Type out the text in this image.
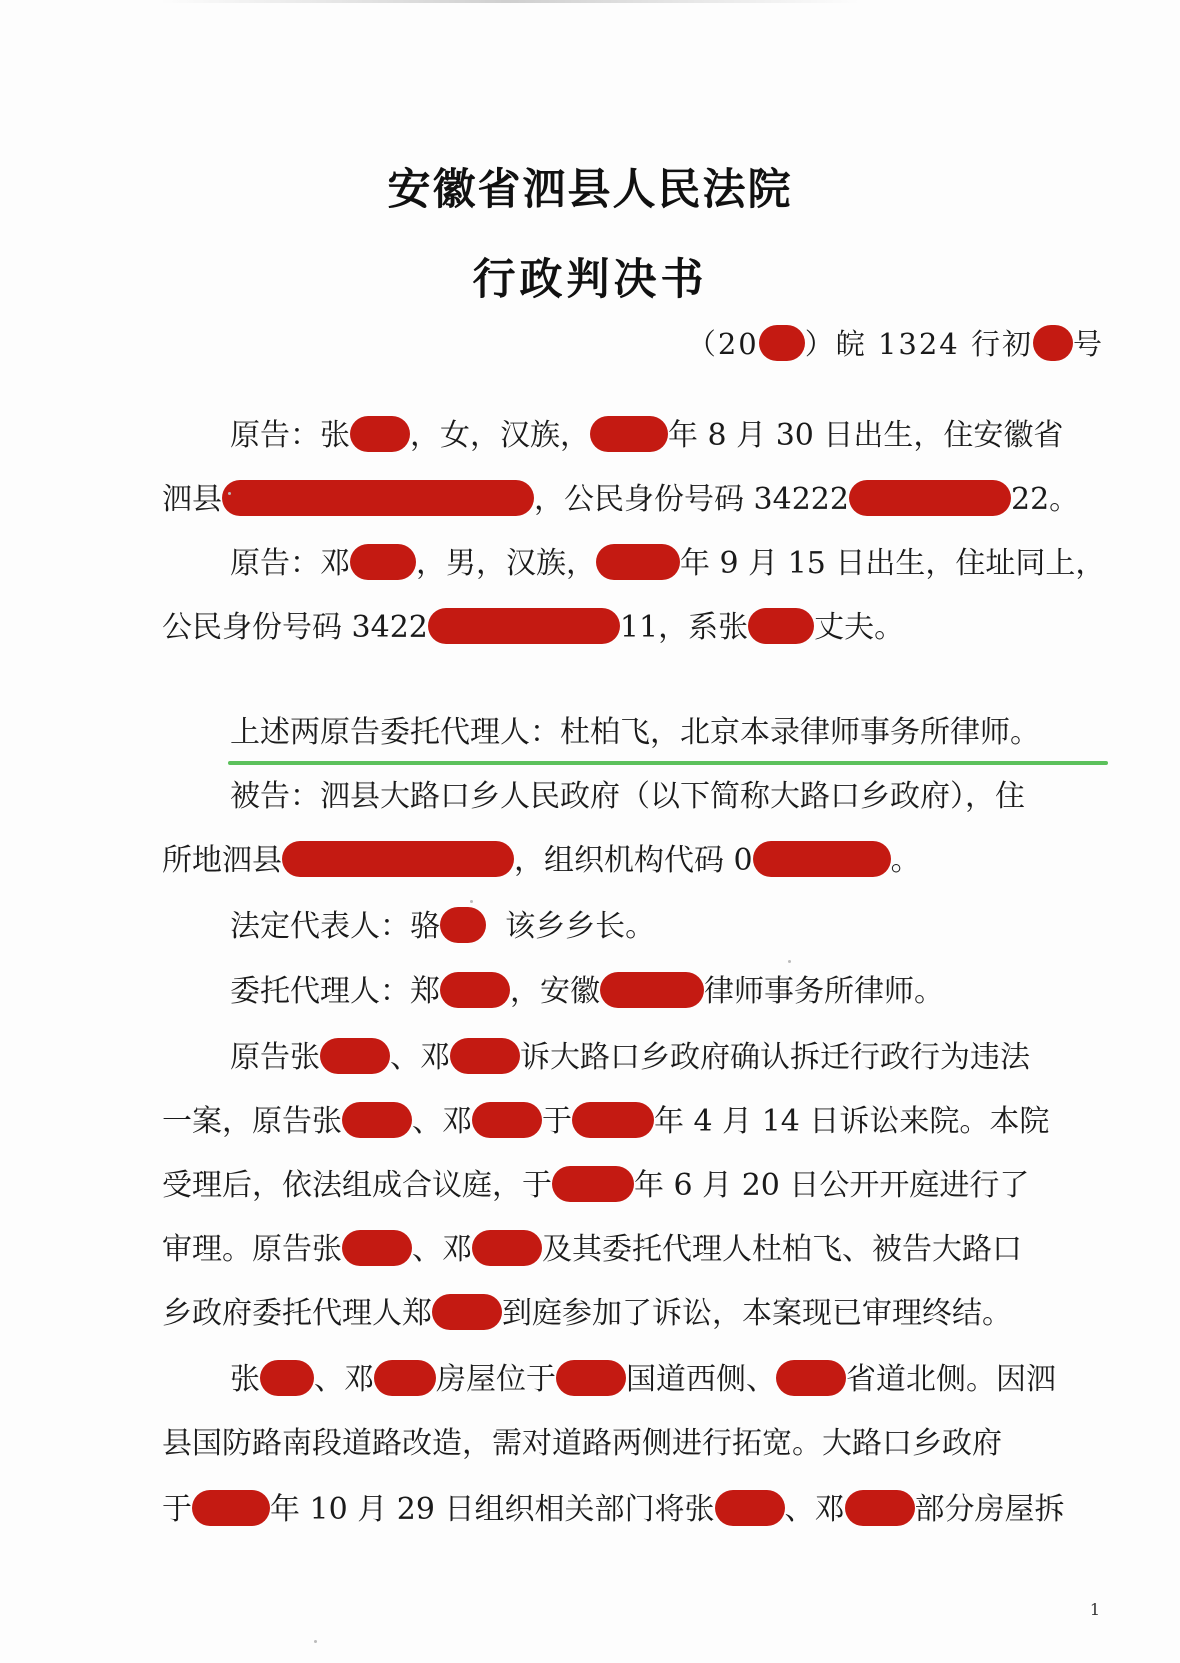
安徽省泗县人民法院
行政判决书
（20 ）皖 1324 行初 号
原告：张 ，女，汉族，	年 8 月 30 日出生，住安徽省
泗县	，公民身份号码 34222	22。
原告：邓 ，男，汉族，	年 9 月 15 日出生，住址同上，
公民身份号码 3422	11，系张 丈夫。
上述两原告委托代理人：杜柏飞，北京本录律师事务所律师。
被告：泗县大路口乡人民政府（以下简称大路口乡政府），住
所地泗县	，组织机构代码 0	。
法定代表人：骆 该乡乡长。
委托代理人：郑 ，安徽	律师事务所律师。
原告张 、邓 诉大路口乡政府确认拆迁行政行为违法
一案，原告张 、邓 于	年 4 月 14 日诉讼来院。本院
受理后，依法组成合议庭，于	年 6 月 20 日公开开庭进行了
审理。原告张 、邓 及其委托代理人杜柏飞、被告大路口
乡政府委托代理人郑 到庭参加了诉讼，本案现已审理终结。
张 、邓 房屋位于 国道西侧、 省道北侧。因泗
县国防路南段道路改造，需对道路两侧进行拓宽。大路口乡政府
于	年 10 月 29 日组织相关部门将张 、邓 部分房屋拆
1
